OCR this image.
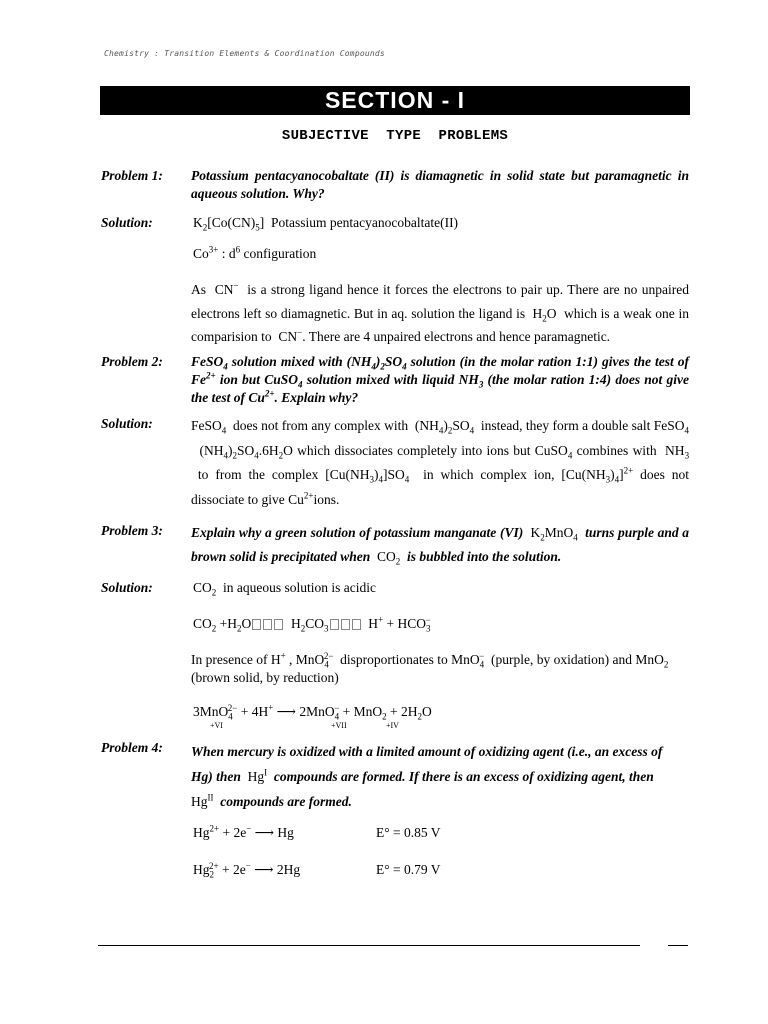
Chemistry : Transition Elements & Coordination Compounds
SECTION - I
SUBJECTIVE  TYPE  PROBLEMS
Problem 1: Potassium pentacyanocobaltate (II) is diamagnetic in solid state but paramagnetic in aqueous solution. Why?
Solution:	$K_2[Co(CN)_5]$  Potassium pentacyanocobaltate(II)
$Co^{3+}$ : $d^6$ configuration
As  CN− is a strong ligand hence it forces the electrons to pair up. There are no unpaired electrons left so diamagnetic. But in aq. solution the ligand is  $H_2O$  which is a weak one in comparision to  CN−. There are 4 unpaired electrons and hence paramagnetic.
Problem 2: FeSO$_4$ solution mixed with $(NH_4)_2SO_4$ solution (in the molar ration 1:1) gives the test of $Fe^{2+}$ ion but CuSO$_4$ solution mixed with liquid $NH_3$ (the molar ration 1:4) does not give the test of $Cu^{2+}$. Explain why?
Solution:	FeSO$_4$ does not from any complex with  $(NH_4)_2SO_4$ instead, they form a double salt FeSO$_4$   $(NH_4)_2SO_4.6H_2O$ which dissociates completely into ions but CuSO$_4$ combines with  $NH_3$  to from the complex $[Cu(NH_3)_4]SO_4$ in which complex ion, $[Cu(NH_3)_4]^{2+}$ does not dissociate to give $Cu^{2+}ions$.
Problem 3: Explain why a green solution of potassium manganate (VI) $K_2MnO_4$ turns purple and a brown solid is precipitated when $CO_2$ is bubbled into the solution.
Solution:	$CO_2$ in aqueous solution is acidic
$CO_2 +H_2O$  $H_2CO_3$  $H^+ + HCO_3^-$
In presence of H+ , MnO$_4^{2-}$ disproportionates to MnO$_4$− (purple, by oxidation) and MnO$_2$
(brown solid, by reduction)
3MnO$_4^{2-}$ + 4H+ ⟶ $2MnO_4^- + MnO_2 + 2H_2O$
+VI	+VII	+IV
Problem 4: When mercury is oxidized with a limited amount of oxidizing agent (i.e., an excess of
Hg) then $Hg^I$ compounds are formed. If there is an excess of oxidizing agent, then
$Hg^{II}$ compounds are formed.
$Hg^{2+} + 2e^-$ ⟶ Hg	E° = 0.85 V
$Hg_2^{2+} + 2e^-$ ⟶ 2Hg	E° = 0.79 V
